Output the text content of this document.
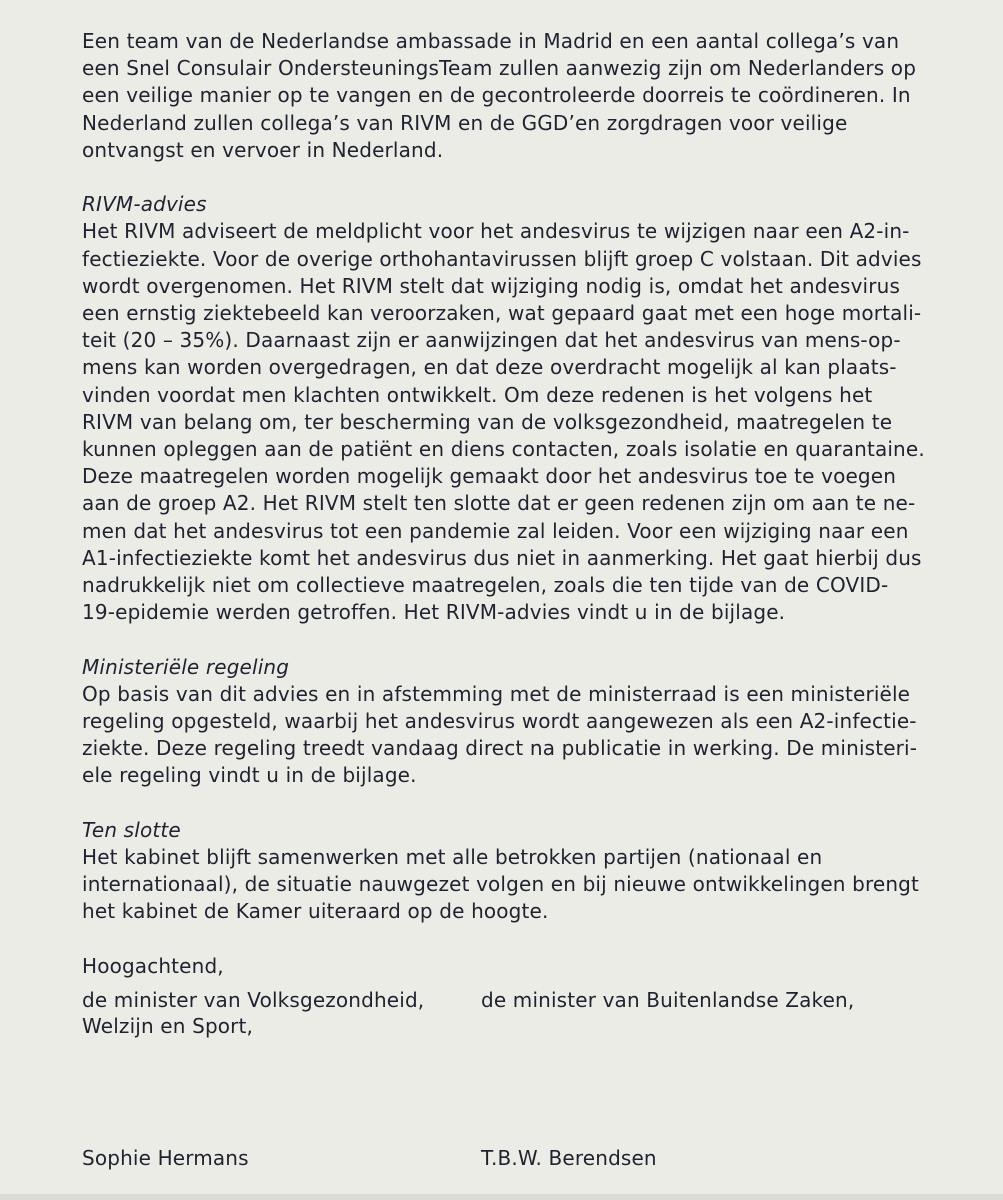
Een team van de Nederlandse ambassade in Madrid en een aantal collega’s van
een Snel Consulair OndersteuningsTeam zullen aanwezig zijn om Nederlanders op
een veilige manier op te vangen en de gecontroleerde doorreis te coördineren. In
Nederland zullen collega’s van RIVM en de GGD’en zorgdragen voor veilige
ontvangst en vervoer in Nederland.
RIVM-advies
Het RIVM adviseert de meldplicht voor het andesvirus te wijzigen naar een A2-in-
fectieziekte. Voor de overige orthohantavirussen blijft groep C volstaan. Dit advies
wordt overgenomen. Het RIVM stelt dat wijziging nodig is, omdat het andesvirus
een ernstig ziektebeeld kan veroorzaken, wat gepaard gaat met een hoge mortali-
teit (20 – 35%). Daarnaast zijn er aanwijzingen dat het andesvirus van mens-op-
mens kan worden overgedragen, en dat deze overdracht mogelijk al kan plaats-
vinden voordat men klachten ontwikkelt. Om deze redenen is het volgens het
RIVM van belang om, ter bescherming van de volksgezondheid, maatregelen te
kunnen opleggen aan de patiënt en diens contacten, zoals isolatie en quarantaine.
Deze maatregelen worden mogelijk gemaakt door het andesvirus toe te voegen
aan de groep A2. Het RIVM stelt ten slotte dat er geen redenen zijn om aan te ne-
men dat het andesvirus tot een pandemie zal leiden. Voor een wijziging naar een
A1-infectieziekte komt het andesvirus dus niet in aanmerking. Het gaat hierbij dus
nadrukkelijk niet om collectieve maatregelen, zoals die ten tijde van de COVID-
19-epidemie werden getroffen. Het RIVM-advies vindt u in de bijlage.
Ministeriële regeling
Op basis van dit advies en in afstemming met de ministerraad is een ministeriële
regeling opgesteld, waarbij het andesvirus wordt aangewezen als een A2-infectie-
ziekte. Deze regeling treedt vandaag direct na publicatie in werking. De ministeri-
ele regeling vindt u in de bijlage.
Ten slotte
Het kabinet blijft samenwerken met alle betrokken partijen (nationaal en
internationaal), de situatie nauwgezet volgen en bij nieuwe ontwikkelingen brengt
het kabinet de Kamer uiteraard op de hoogte.
Hoogachtend,
de minister van Volksgezondheid,
Welzijn en Sport,
de minister van Buitenlandse Zaken,
Sophie Hermans	T.B.W. Berendsen
